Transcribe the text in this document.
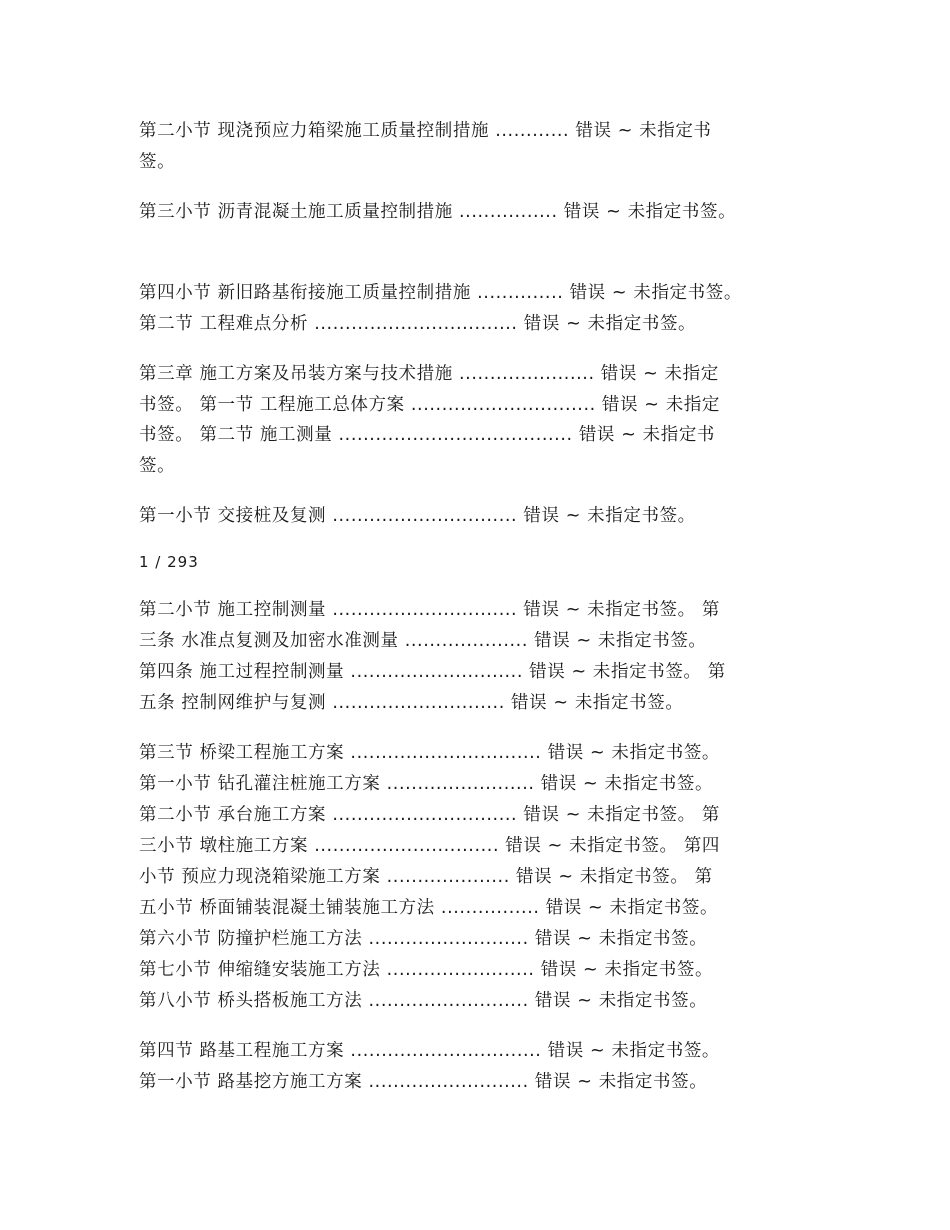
第二小节 现浇预应力箱梁施工质量控制措施 ............ 错误 ~ 未指定书

签。

第三小节 沥青混凝土施工质量控制措施 ................ 错误 ~ 未指定书签。

第四小节 新旧路基衔接施工质量控制措施 .............. 错误 ~ 未指定书签。

第二节 工程难点分析 ................................. 错误 ~ 未指定书签。

第三章 施工方案及吊装方案与技术措施 ...................... 错误 ~ 未指定

书签。 第一节 工程施工总体方案 .............................. 错误 ~ 未指定

书签。 第二节 施工测量 ...................................... 错误 ~ 未指定书

签。

第一小节 交接桩及复测 .............................. 错误 ~ 未指定书签。

1 / 293

第二小节 施工控制测量 .............................. 错误 ~ 未指定书签。 第

三条 水准点复测及加密水准测量 .................... 错误 ~ 未指定书签。

第四条 施工过程控制测量 ............................ 错误 ~ 未指定书签。 第

五条 控制网维护与复测 ............................ 错误 ~ 未指定书签。

第三节 桥梁工程施工方案 ............................... 错误 ~ 未指定书签。

第一小节 钻孔灌注桩施工方案 ........................ 错误 ~ 未指定书签。

第二小节 承台施工方案 .............................. 错误 ~ 未指定书签。 第

三小节 墩柱施工方案 .............................. 错误 ~ 未指定书签。 第四

小节 预应力现浇箱梁施工方案 .................... 错误 ~ 未指定书签。 第

五小节 桥面铺装混凝土铺装施工方法 ................ 错误 ~ 未指定书签。

第六小节 防撞护栏施工方法 .......................... 错误 ~ 未指定书签。

第七小节 伸缩缝安装施工方法 ........................ 错误 ~ 未指定书签。

第八小节 桥头搭板施工方法 .......................... 错误 ~ 未指定书签。

第四节 路基工程施工方案 ............................... 错误 ~ 未指定书签。

第一小节 路基挖方施工方案 .......................... 错误 ~ 未指定书签。
